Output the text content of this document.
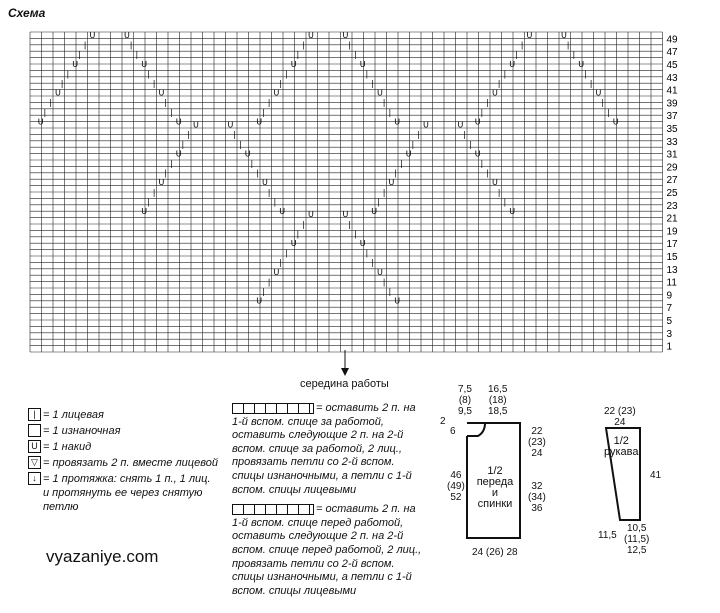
Схема
49
47
45
43
41
39
37
35
33
31
29
27
25
23
21
19
17
15
13
11
9
7
5
3
1
U	U
|	|
|	|
U	U
|	|
|	|
U	U
|	|
|	|
U	U
U	U
|	|
|	|
U	U
|	|
|	|
U	U
|	|
|	|
U	U
U	U
|	|
|	|
U	U
|	|
|	|
U	U
|	|
|	|
U	U
U	U
|	|
|	|
U	U
|	|
|	|
U	U
|	|
|	|
U	U
U	U
|	|
|	|
U	U
|	|
|	|
U	U
|	|
|	|
U	U
U	U
|	|
|	|
U	U
|	|
|	|
U	U
|	|
|	|
U	U
середина работы
| = 1 лицевая
= 1 изнаночная
U = 1 накид
▽ = провязать 2 п. вместе лицевой
↓ = 1 протяжка: снять 1 п., 1 лиц. и протянуть ее через снятую петлю
= оставить 2 п. на 1-й вспом. спице за работой, оставить следующие 2 п. на 2-й вспом. спице за работой, 2 лиц., провязать петли со 2-й вспом. спицы изнаночными, а петли с 1-й вспом. спицы лицевыми
= оставить 2 п. на 1-й вспом. спице перед работой, оставить следующие 2 п. на 2-й вспом. спице перед работой, 2 лиц., провязать петли со 2-й вспом. спицы изнаночными, а петли с 1-й вспом. спицы лицевыми
1/2
переда
и
спинки
7,5
(8)
9,5
16,5
(18)
18,5
2
6	22
(23)
24
46
(49)
52
32
(34)
36
24 (26) 28
1/2
рукава
22 (23)
24
41
11,5
10,5
(11,5)
12,5
vyazaniye.com
